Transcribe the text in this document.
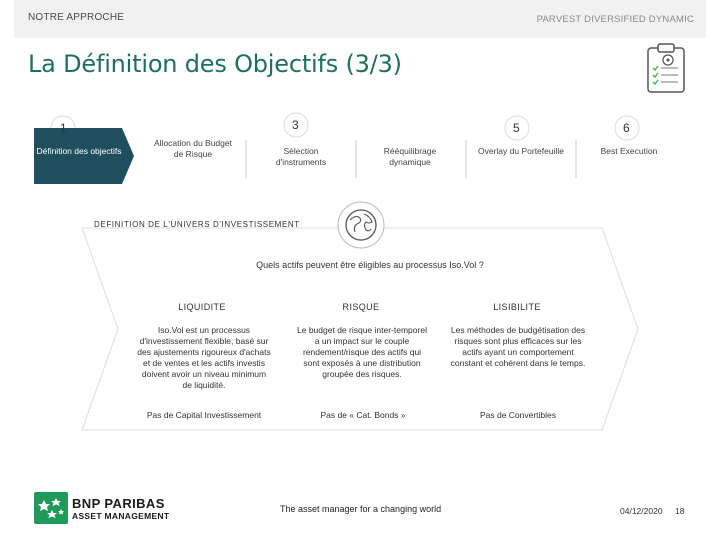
NOTRE APPROCHE	PARVEST DIVERSIFIED DYNAMIC
La Définition des Objectifs (3/3)
1
Définition des objectifs
Allocation du Budget de Risque
3
Sélection d'instruments
Rééquilibrage dynamique
5
Overlay du Portefeuille
6
Best Execution
DEFINITION DE L'UNIVERS D'INVESTISSEMENT
Quels actifs peuvent être éligibles au processus Iso.Vol ?
LIQUIDITE
Iso.Vol est un processus d'investissement flexible, basé sur des ajustements rigoureux d'achats et de ventes et les actifs investis doivent avoir un niveau minimum de liquidité.
Pas de Capital Investissement
RISQUE
Le budget de risque inter-temporel a un impact sur le couple rendement/risque des actifs qui sont exposés à une distribution groupée des risques.
Pas de « Cat. Bonds »
LISIBILITE
Les méthodes de budgétisation des risques sont plus efficaces sur les actifs ayant un comportement constant et cohérent dans le temps.
Pas de Convertibles
BNP PARIBAS
ASSET MANAGEMENT
The asset manager for a changing world	04/12/2020 18
